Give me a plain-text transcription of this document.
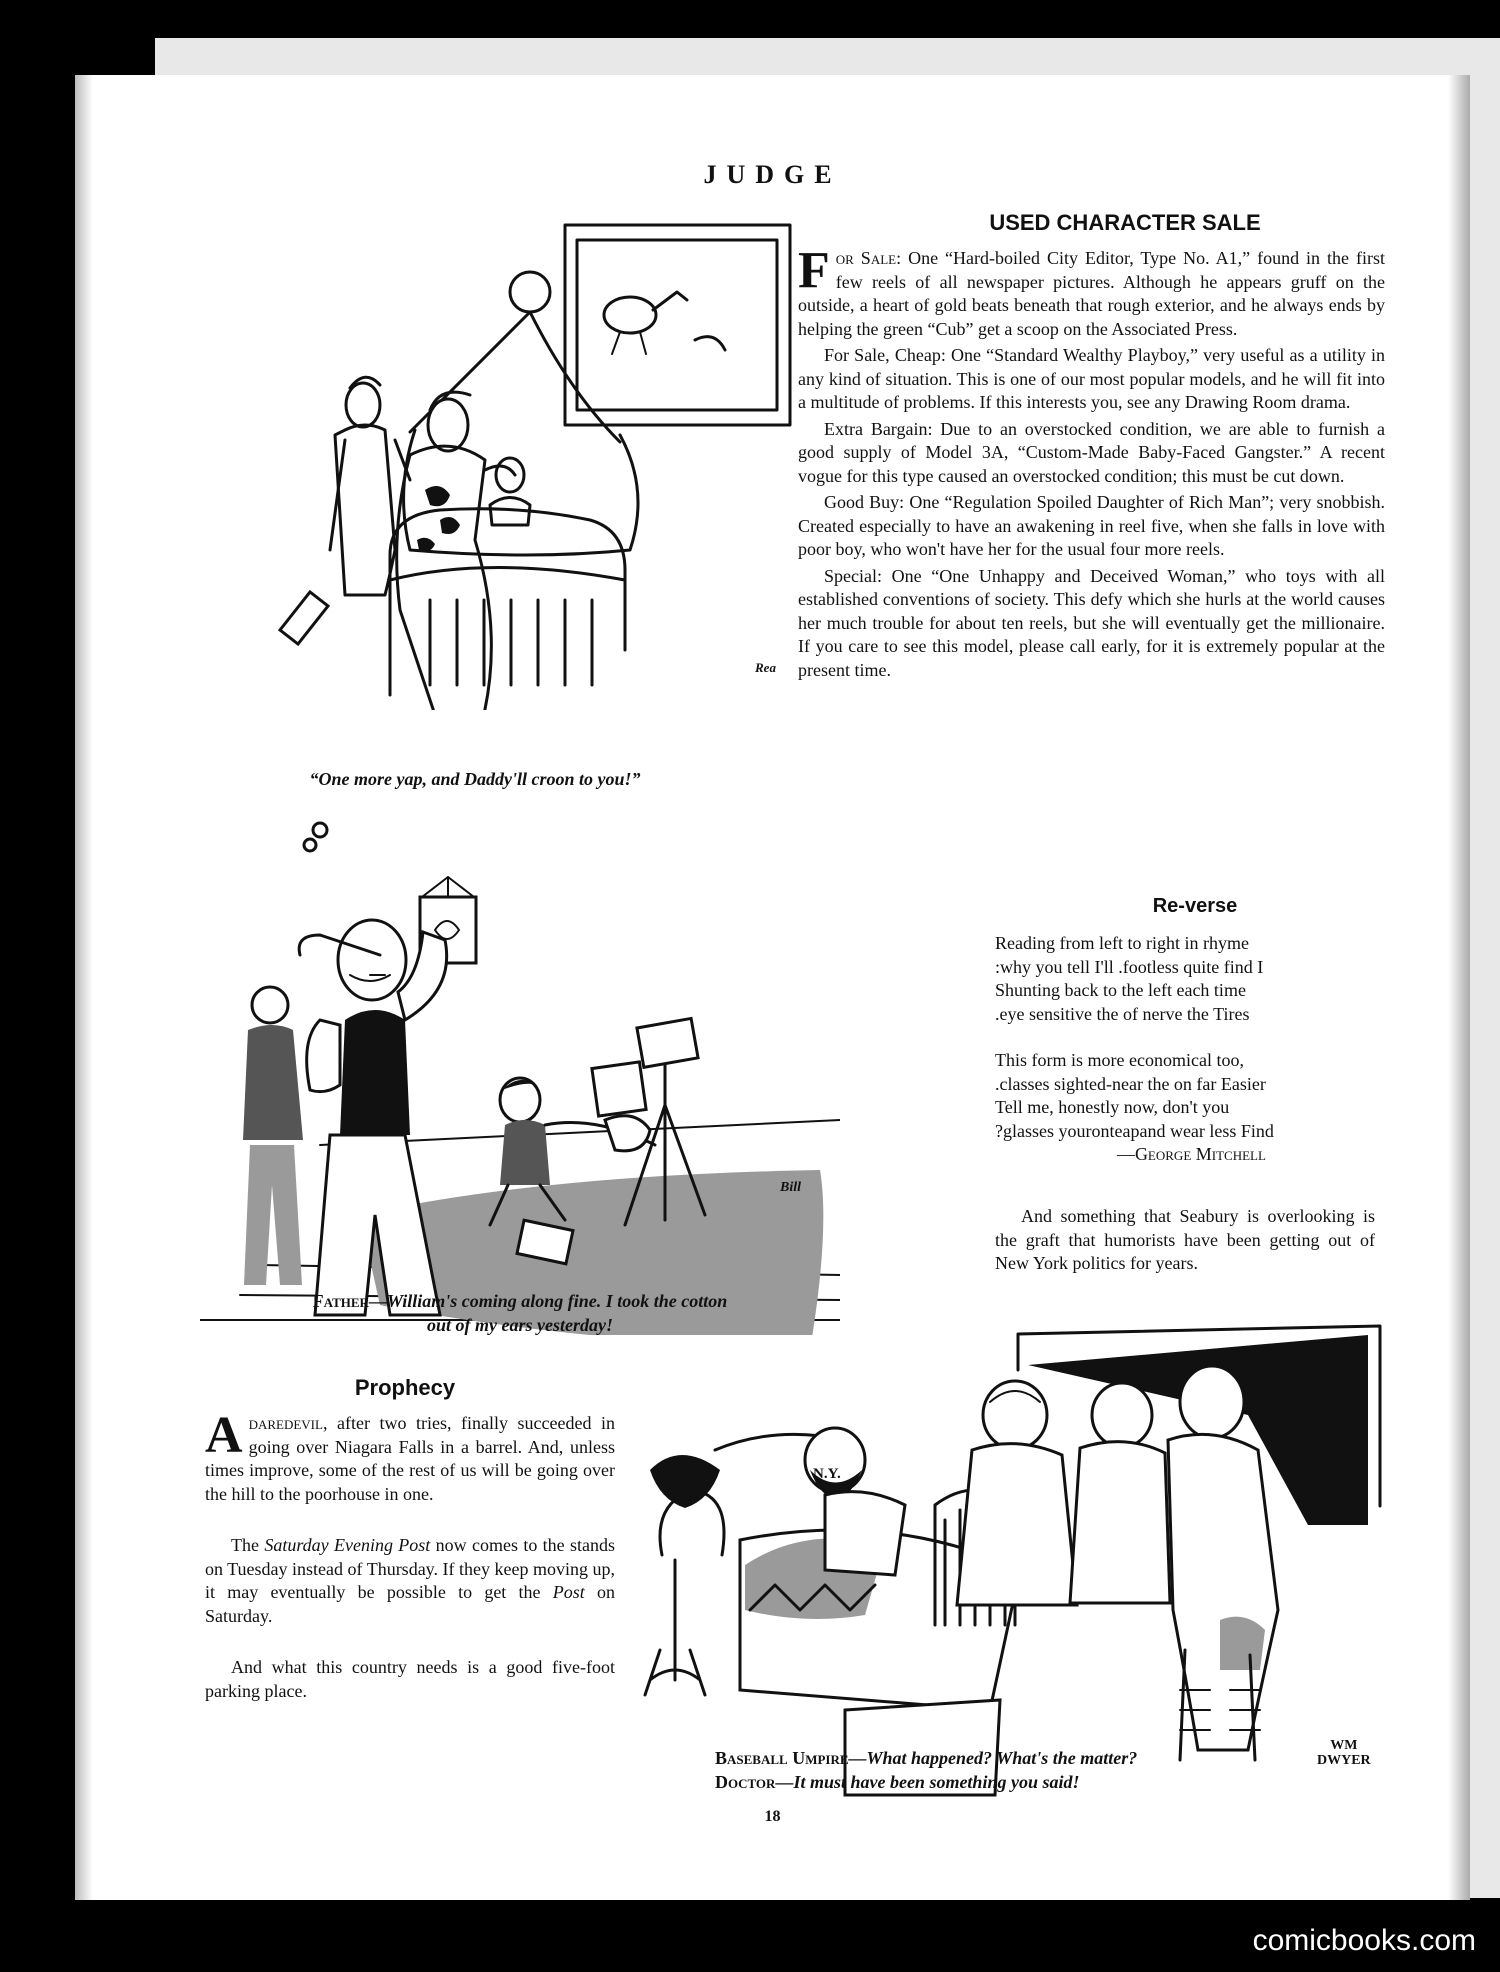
JUDGE
Rea
“One more yap, and Daddy'll croon to you!”
USED CHARACTER SALE

For Sale: One “Hard-boiled City Editor, Type No. A1,” found in the first few reels of all newspaper pictures. Although he appears gruff on the outside, a heart of gold beats beneath that rough exterior, and he always ends by helping the green “Cub” get a scoop on the Associated Press.

For Sale, Cheap: One “Standard Wealthy Playboy,” very useful as a utility in any kind of situation. This is one of our most popular models, and he will fit into a multitude of problems. If this interests you, see any Drawing Room drama.

Extra Bargain: Due to an overstocked condition, we are able to furnish a good supply of Model 3A, “Custom-Made Baby-Faced Gangster.” A recent vogue for this type caused an overstocked condition; this must be cut down.

Good Buy: One “Regulation Spoiled Daughter of Rich Man”; very snobbish. Created especially to have an awakening in reel five, when she falls in love with poor boy, who won't have her for the usual four more reels.

Special: One “One Unhappy and Deceived Woman,” who toys with all established conventions of society. This defy which she hurls at the world causes her much trouble for about ten reels, but she will eventually get the millionaire. If you care to see this model, please call early, for it is extremely popular at the present time.

Bill
Father—William's coming along fine. I took the cotton
out of my ears yesterday!
Re-verse
Reading from left to right in rhyme
:why you tell I'll .footless quite find I
Shunting back to the left each time
.eye sensitive the of nerve the Tires
This form is more economical too,
.classes sighted-near the on far Easier
Tell me, honestly now, don't you
?glasses youronteарand wear less Find
—George Mitchell

And something that Seabury is overlooking is the graft that humorists have been getting out of New York politics for years.

Prophecy

Adaredevil, after two tries, finally succeeded in going over Niagara Falls in a barrel. And, unless times improve, some of the rest of us will be going over the hill to the poorhouse in one.

The Saturday Evening Post now comes to the stands on Tuesday instead of Thursday. If they keep moving up, it may eventually be possible to get the Post on Saturday.

And what this country needs is a good five-foot parking place.

N.Y.
WM
DWYER
Baseball Umpire—What happened? What's the matter?
Doctor—It must have been something you said!
18
comicbooks.com
